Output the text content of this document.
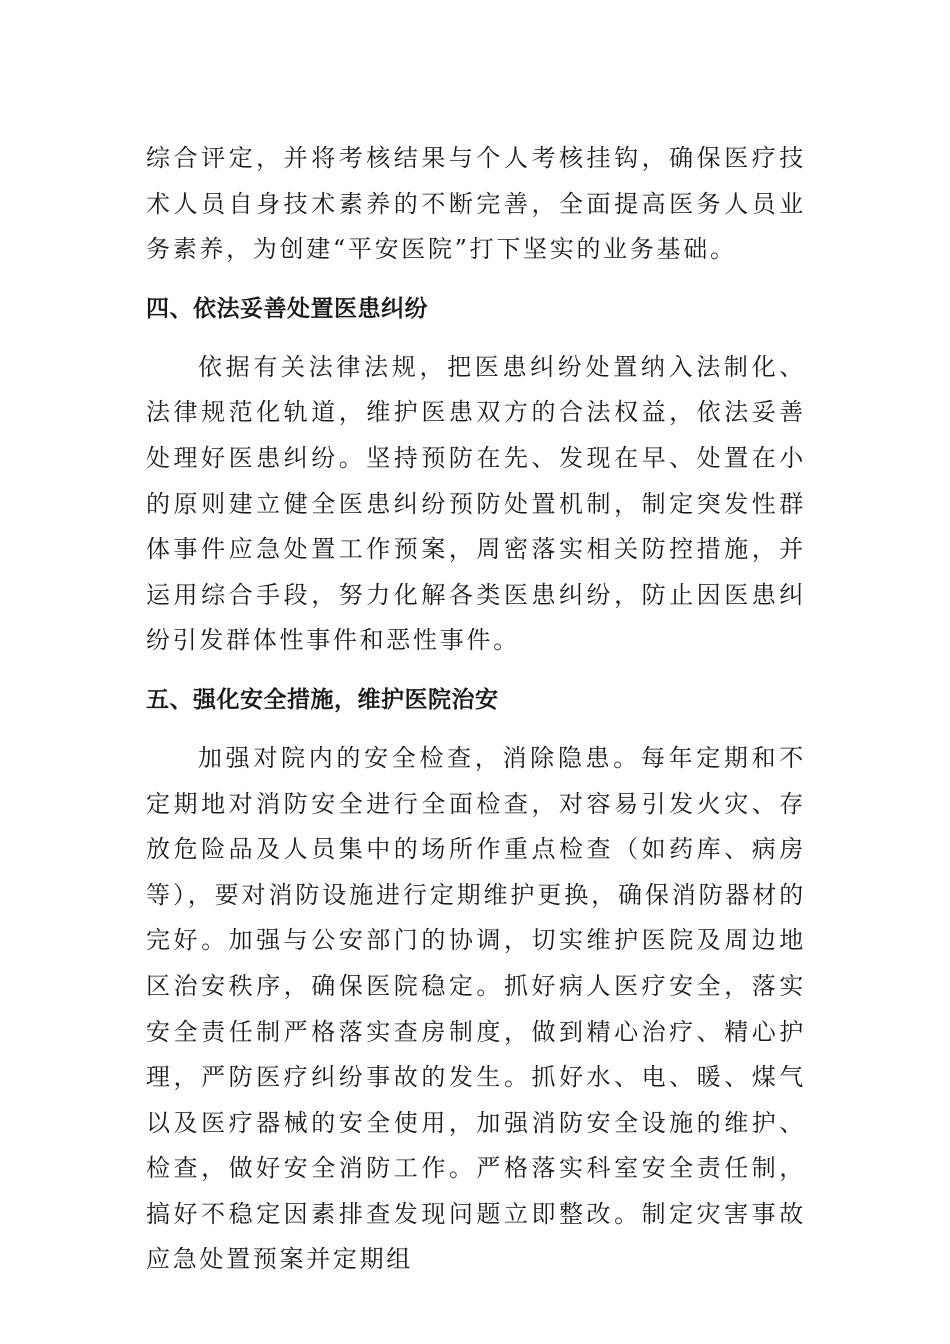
综合评定，并将考核结果与个人考核挂钩，确保医疗技术人员自身技术素养的不断完善，全面提高医务人员业务素养，为创建“平安医院”打下坚实的业务基础。

四、依法妥善处置医患纠纷

依据有关法律法规，把医患纠纷处置纳入法制化、法律规范化轨道，维护医患双方的合法权益，依法妥善处理好医患纠纷。坚持预防在先、发现在早、处置在小的原则建立健全医患纠纷预防处置机制，制定突发性群体事件应急处置工作预案，周密落实相关防控措施，并运用综合手段，努力化解各类医患纠纷，防止因医患纠纷引发群体性事件和恶性事件。

五、强化安全措施，维护医院治安

加强对院内的安全检查，消除隐患。每年定期和不定期地对消防安全进行全面检查，对容易引发火灾、存放危险品及人员集中的场所作重点检查（如药库、病房等），要对消防设施进行定期维护更换，确保消防器材的完好。加强与公安部门的协调，切实维护医院及周边地区治安秩序，确保医院稳定。抓好病人医疗安全，落实安全责任制严格落实查房制度，做到精心治疗、精心护理，严防医疗纠纷事故的发生。抓好水、电、暖、煤气以及医疗器械的安全使用，加强消防安全设施的维护、检查，做好安全消防工作。严格落实科室安全责任制，搞好不稳定因素排查发现问题立即整改。制定灾害事故应急处置预案并定期组
